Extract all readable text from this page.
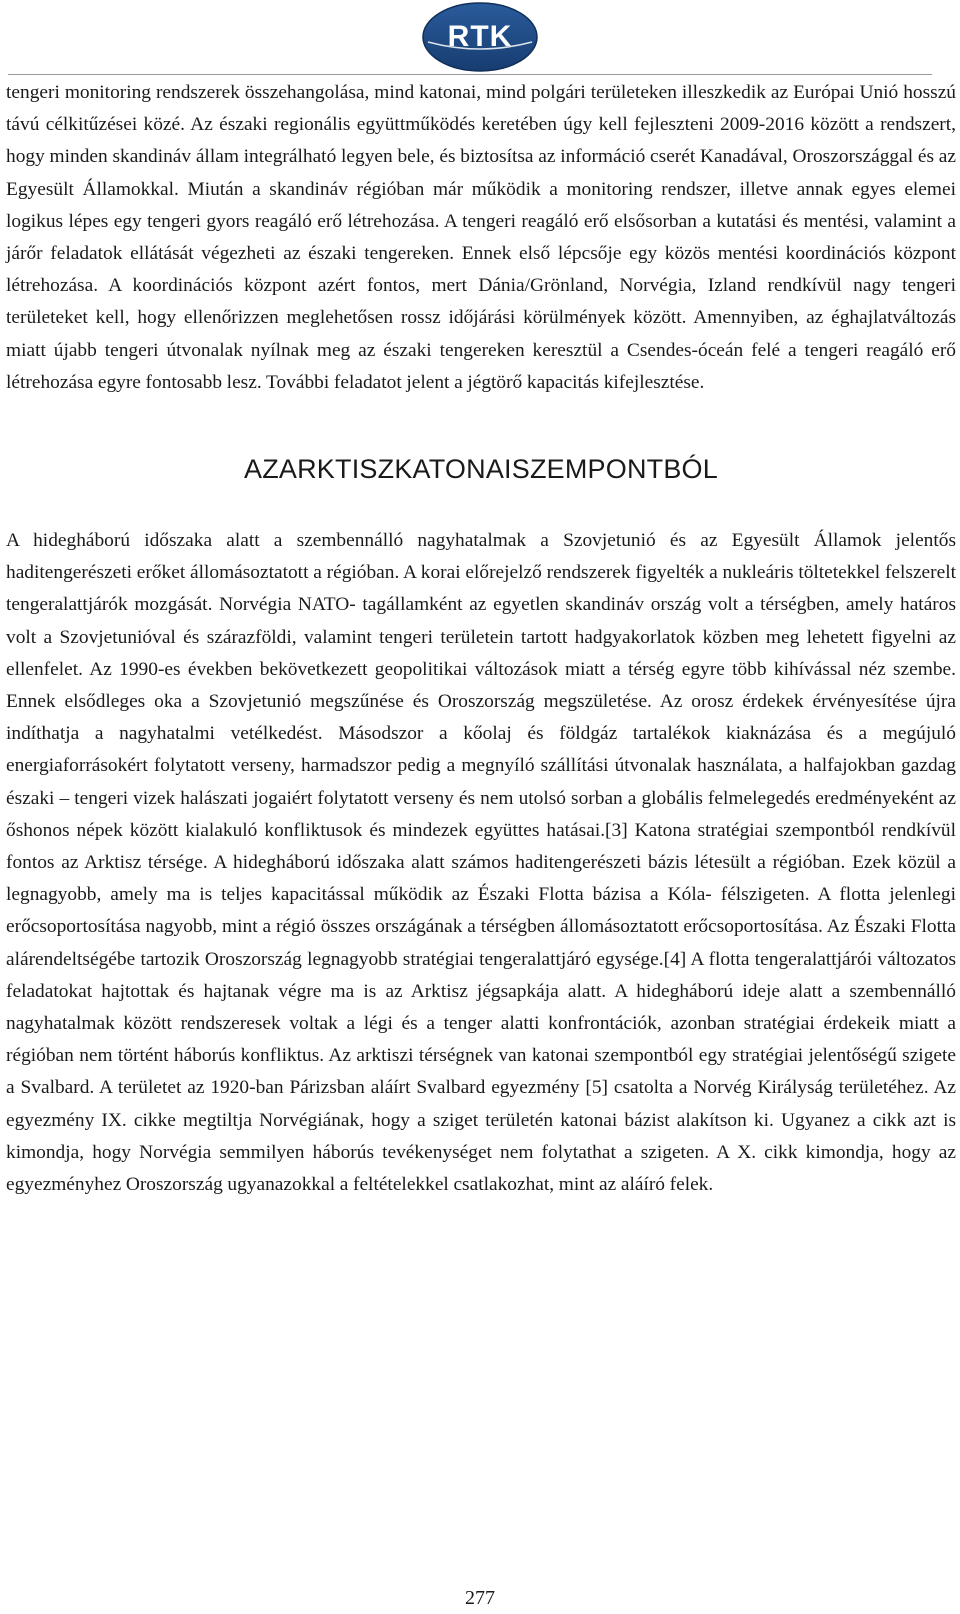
RTK

tengeri monitoring rendszerek összehangolása, mind katonai, mind polgári területeken illeszkedik az Európai Unió hosszú távú célkitűzései közé. Az északi regionális együttműködés keretében úgy kell fejleszteni 2009-2016 között a rendszert, hogy minden skandináv állam integrálható legyen bele, és biztosítsa az információ cserét Kanadával, Oroszországgal és az Egyesült Államokkal. Miután a skandináv régióban már működik a monitoring rendszer, illetve annak egyes elemei logikus lépes egy tengeri gyors reagáló erő létrehozása. A tengeri reagáló erő elsősorban a kutatási és mentési, valamint a járőr feladatok ellátását végezheti az északi tengereken. Ennek első lépcsője egy közös mentési koordinációs központ létrehozása. A koordinációs központ azért fontos, mert Dánia/Grönland, Norvégia, Izland rendkívül nagy tengeri területeket kell, hogy ellenőrizzen meglehetősen rossz időjárási körülmények között. Amennyiben, az éghajlatváltozás miatt újabb tengeri útvonalak nyílnak meg az északi tengereken keresztül a Csendes-óceán felé a tengeri reagáló erő létrehozása egyre fontosabb lesz. További feladatot jelent a jégtörő kapacitás kifejlesztése.

AZARKTISZKATONAISZEMPONTBÓL

A hidegháború időszaka alatt a szembennálló nagyhatalmak a Szovjetunió és az Egyesült Államok jelentős haditengerészeti erőket állomásoztatott a régióban. A korai előrejelző rendszerek figyelték a nukleáris töltetekkel felszerelt tengeralattjárók mozgását. Norvégia NATO- tagállamként az egyetlen skandináv ország volt a térségben, amely határos volt a Szovjetunióval és szárazföldi, valamint tengeri területein tartott hadgyakorlatok közben meg lehetett figyelni az ellenfelet. Az 1990-es években bekövetkezett geopolitikai változások miatt a térség egyre több kihívással néz szembe. Ennek elsődleges oka a Szovjetunió megszűnése és Oroszország megszületése. Az orosz érdekek érvényesítése újra indíthatja a nagyhatalmi vetélkedést. Másodszor a kőolaj és földgáz tartalékok kiaknázása és a megújuló energiaforrásokért folytatott verseny, harmadszor pedig a megnyíló szállítási útvonalak használata, a halfajokban gazdag északi – tengeri vizek halászati jogaiért folytatott verseny és nem utolsó sorban a globális felmelegedés eredményeként az őshonos népek között kialakuló konfliktusok és mindezek együttes hatásai.[3] Katona stratégiai szempontból rendkívül fontos az Arktisz térsége. A hidegháború időszaka alatt számos haditengerészeti bázis létesült a régióban. Ezek közül a legnagyobb, amely ma is teljes kapacitással működik az Északi Flotta bázisa a Kóla- félszigeten. A flotta jelenlegi erőcsoportosítása nagyobb, mint a régió összes országának a térségben állomásoztatott erőcsoportosítása. Az Északi Flotta alárendeltségébe tartozik Oroszország legnagyobb stratégiai tengeralattjáró egysége.[4] A flotta tengeralattjárói változatos feladatokat hajtottak és hajtanak végre ma is az Arktisz jégsapkája alatt. A hidegháború ideje alatt a szembennálló nagyhatalmak között rendszeresek voltak a légi és a tenger alatti konfrontációk, azonban stratégiai érdekeik miatt a régióban nem történt háborús konfliktus. Az arktiszi térségnek van katonai szempontból egy stratégiai jelentőségű szigete a Svalbard. A területet az 1920-ban Párizsban aláírt Svalbard egyezmény [5] csatolta a Norvég Királyság területéhez. Az egyezmény IX. cikke megtiltja Norvégiának, hogy a sziget területén katonai bázist alakítson ki. Ugyanez a cikk azt is kimondja, hogy Norvégia semmilyen háborús tevékenységet nem folytathat a szigeten. A X. cikk kimondja, hogy az egyezményhez Oroszország ugyanazokkal a feltételekkel csatlakozhat, mint az aláíró felek.

277
